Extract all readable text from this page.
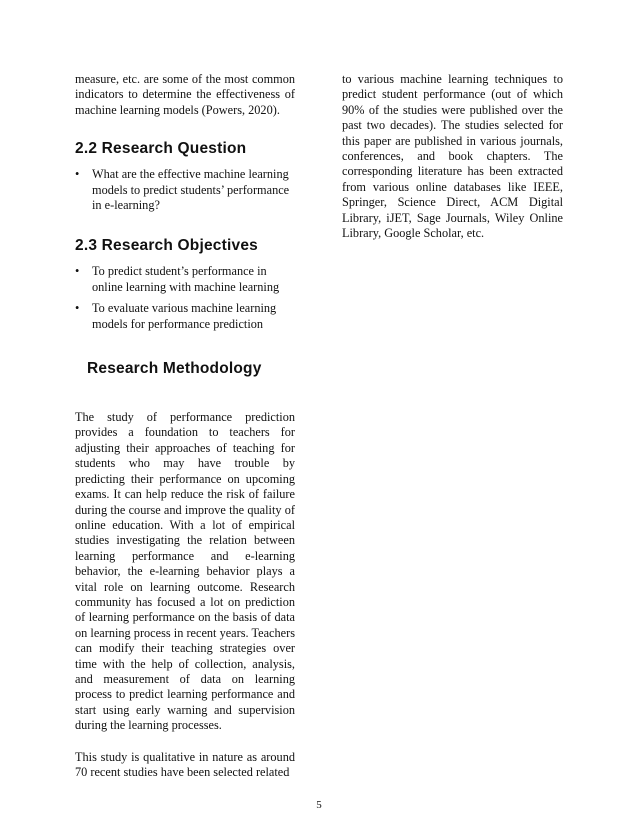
measure, etc. are some of the most common indicators to determine the effectiveness of machine learning models (Powers, 2020).

2.2 Research Question
• What are the effective machine learning models to predict students’ performance in e-learning?
2.3 Research Objectives
• To predict student’s performance in online learning with machine learning
• To evaluate various machine learning models for performance prediction
Research Methodology

The study of performance prediction provides a foundation to teachers for adjusting their approaches of teaching for students who may have trouble by predicting their performance on upcoming exams. It can help reduce the risk of failure during the course and improve the quality of online education. With a lot of empirical studies investigating the relation between learning performance and e-learning behavior, the e-learning behavior plays a vital role on learning outcome. Research community has focused a lot on prediction of learning performance on the basis of data on learning process in recent years. Teachers can modify their teaching strategies over time with the help of collection, analysis, and measurement of data on learning process to predict learning performance and start using early warning and supervision during the learning processes.

This study is qualitative in nature as around 70 recent studies have been selected related

to various machine learning techniques to predict student performance (out of which 90% of the studies were published over the past two decades). The studies selected for this paper are published in various journals, conferences, and book chapters. The corresponding literature has been extracted from various online databases like IEEE, Springer, Science Direct, ACM Digital Library, iJET, Sage Journals, Wiley Online Library, Google Scholar, etc.

5
